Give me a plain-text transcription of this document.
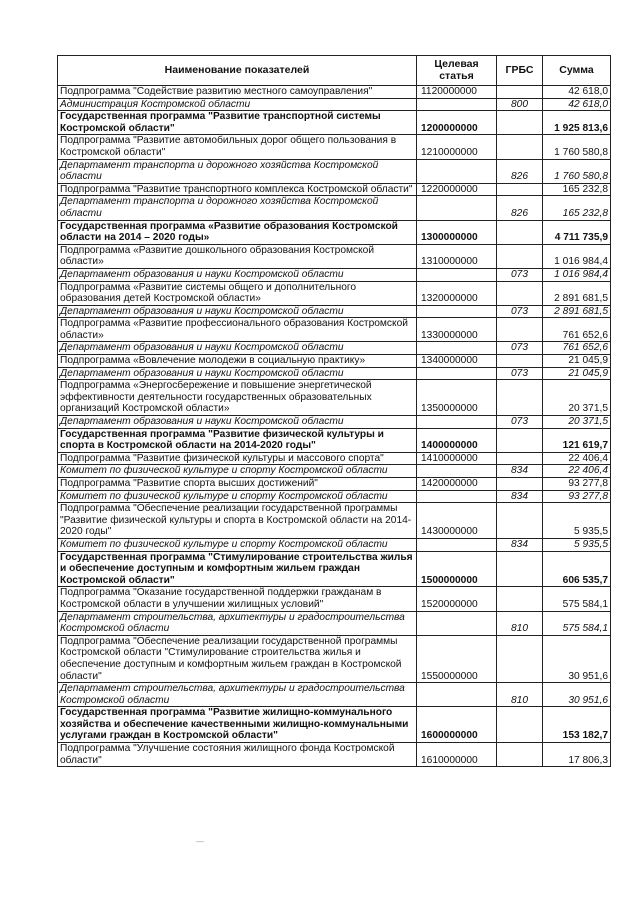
Наименование показателей	Целевая статья	ГРБС	Сумма
Подпрограмма "Содействие развитию местного самоуправления"	1120000000		42 618,0
Администрация Костромской области		800	42 618,0
Государственная программа "Развитие транспортной системы Костромской области"	1200000000		1 925 813,6
Подпрограмма "Развитие автомобильных дорог общего пользования в Костромской области"	1210000000		1 760 580,8
Департамент транспорта и дорожного хозяйства Костромской области		826	1 760 580,8
Подпрограмма "Развитие транспортного комплекса Костромской области"	1220000000		165 232,8
Департамент транспорта и дорожного хозяйства Костромской области		826	165 232,8
Государственная программа «Развитие образования Костромской области на 2014 – 2020 годы»	1300000000		4 711 735,9
Подпрограмма «Развитие дошкольного образования Костромской области»	1310000000		1 016 984,4
Департамент образования и науки Костромской области		073	1 016 984,4
Подпрограмма «Развитие системы общего и дополнительного образования детей Костромской области»	1320000000		2 891 681,5
Департамент образования и науки Костромской области		073	2 891 681,5
Подпрограмма «Развитие профессионального образования Костромской области»	1330000000		761 652,6
Департамент образования и науки Костромской области		073	761 652,6
Подпрограмма «Вовлечение молодежи в социальную практику»	1340000000		21 045,9
Департамент образования и науки Костромской области		073	21 045,9
Подпрограмма «Энергосбережение и повышение энергетической эффективности деятельности государственных образовательных организаций Костромской области»	1350000000		20 371,5
Департамент образования и науки Костромской области		073	20 371,5
Государственная программа "Развитие физической культуры и спорта в Костромской области на 2014-2020 годы"	1400000000		121 619,7
Подпрограмма "Развитие физической культуры и массового спорта"	1410000000		22 406,4
Комитет по физической культуре и спорту Костромской области		834	22 406,4
Подпрограмма "Развитие спорта высших достижений"	1420000000		93 277,8
Комитет по физической культуре и спорту Костромской области		834	93 277,8
Подпрограмма "Обеспечение реализации государственной программы "Развитие физической культуры и спорта в Костромской области на 2014-2020 годы"	1430000000		5 935,5
Комитет по физической культуре и спорту Костромской области		834	5 935,5
Государственная программа "Стимулирование строительства жилья и обеспечение доступным и комфортным жильем граждан Костромской области"	1500000000		606 535,7
Подпрограмма "Оказание государственной поддержки гражданам в Костромской области в улучшении жилищных условий"	1520000000		575 584,1
Департамент строительства, архитектуры и градостроительства Костромской области		810	575 584,1
Подпрограмма "Обеспечение реализации государственной программы Костромской области "Стимулирование строительства жилья и обеспечение доступным и комфортным жильем граждан в Костромской области"	1550000000		30 951,6
Департамент строительства, архитектуры и градостроительства Костромской области		810	30 951,6
Государственная программа "Развитие жилищно-коммунального хозяйства и обеспечение качественными жилищно-коммунальными услугами граждан в Костромской области"	1600000000		153 182,7
Подпрограмма "Улучшение состояния жилищного фонда Костромской области"	1610000000		17 806,3
—
